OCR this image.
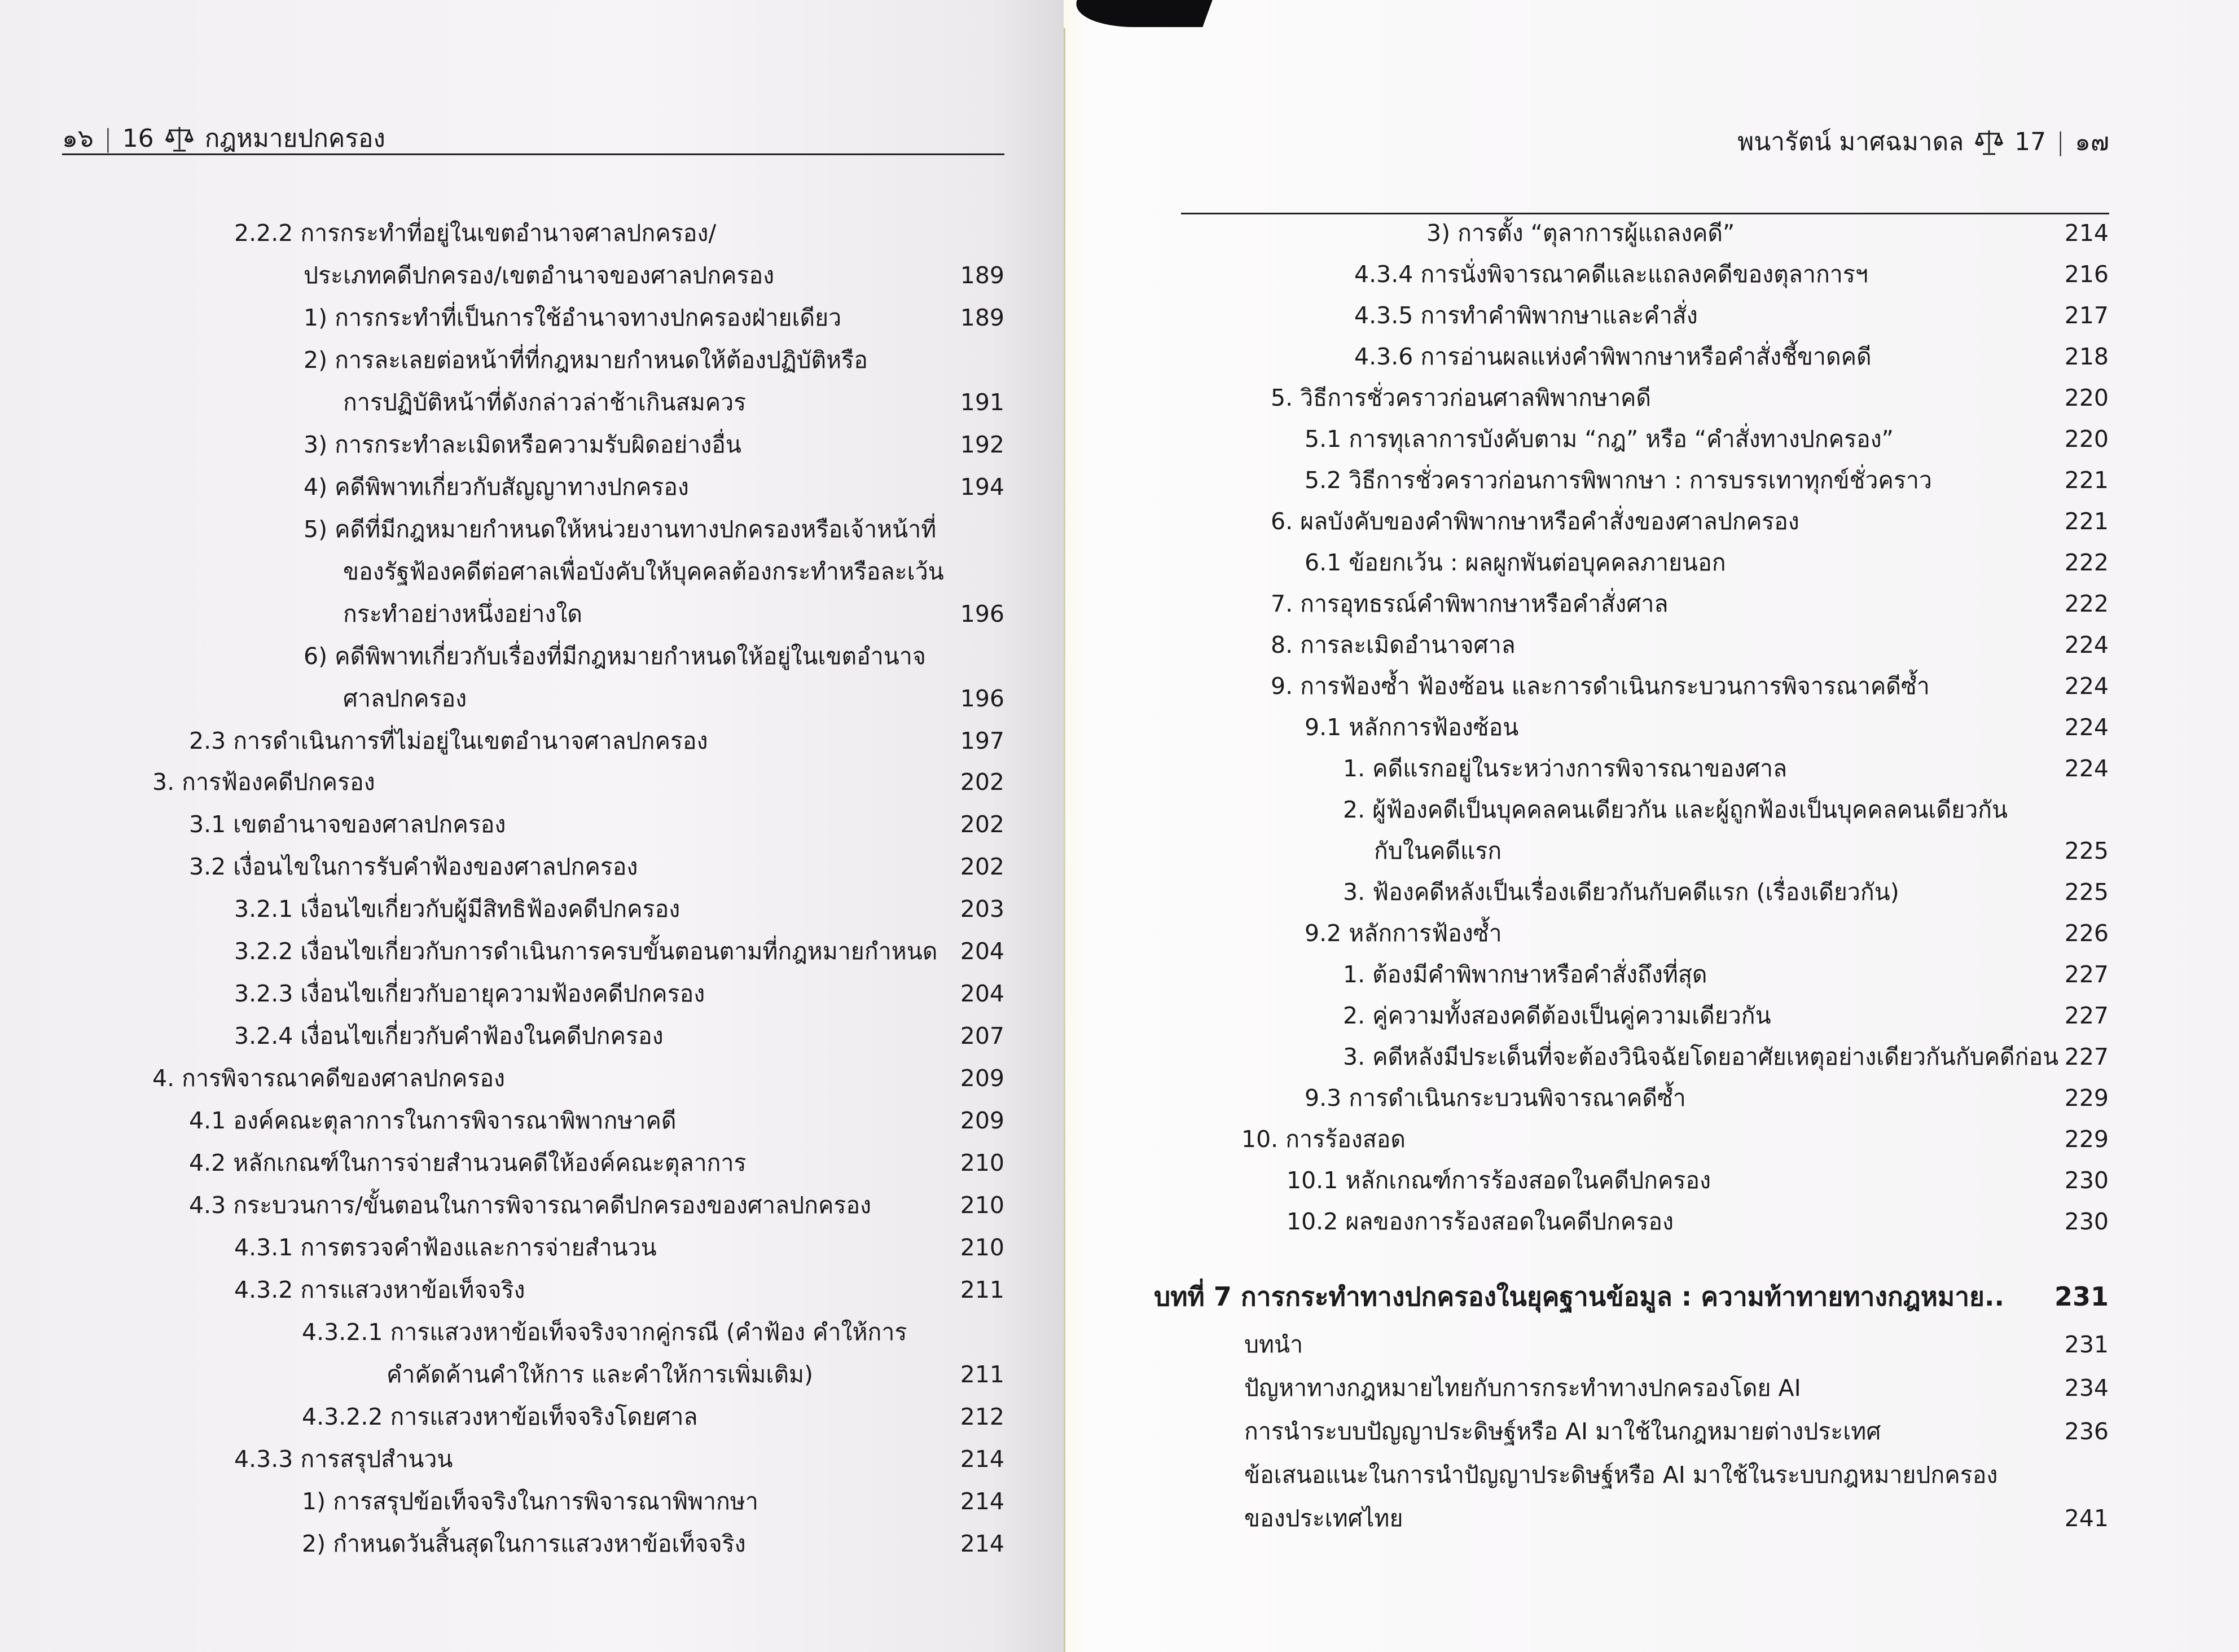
๑๖ | 16 กฎหมายปกครอง	พนารัตน์ มาศฉมาดล 17 | ๑๗
2.2.2 การกระทำที่อยู่ในเขตอำนาจศาลปกครอง/
ประเภทคดีปกครอง/เขตอำนาจของศาลปกครอง	189
1) การกระทำที่เป็นการใช้อำนาจทางปกครองฝ่ายเดียว	189
2) การละเลยต่อหน้าที่ที่กฎหมายกำหนดให้ต้องปฏิบัติหรือ
การปฏิบัติหน้าที่ดังกล่าวล่าช้าเกินสมควร	191
3) การกระทำละเมิดหรือความรับผิดอย่างอื่น	192
4) คดีพิพาทเกี่ยวกับสัญญาทางปกครอง	194
5) คดีที่มีกฎหมายกำหนดให้หน่วยงานทางปกครองหรือเจ้าหน้าที่
ของรัฐฟ้องคดีต่อศาลเพื่อบังคับให้บุคคลต้องกระทำหรือละเว้น
กระทำอย่างหนึ่งอย่างใด	196
6) คดีพิพาทเกี่ยวกับเรื่องที่มีกฎหมายกำหนดให้อยู่ในเขตอำนาจ
ศาลปกครอง	196
2.3 การดำเนินการที่ไม่อยู่ในเขตอำนาจศาลปกครอง	197
3. การฟ้องคดีปกครอง	202
3.1 เขตอำนาจของศาลปกครอง	202
3.2 เงื่อนไขในการรับคำฟ้องของศาลปกครอง	202
3.2.1 เงื่อนไขเกี่ยวกับผู้มีสิทธิฟ้องคดีปกครอง	203
3.2.2 เงื่อนไขเกี่ยวกับการดำเนินการครบขั้นตอนตามที่กฎหมายกำหนด 204
3.2.3 เงื่อนไขเกี่ยวกับอายุความฟ้องคดีปกครอง	204
3.2.4 เงื่อนไขเกี่ยวกับคำฟ้องในคดีปกครอง	207
4. การพิจารณาคดีของศาลปกครอง	209
4.1 องค์คณะตุลาการในการพิจารณาพิพากษาคดี	209
4.2 หลักเกณฑ์ในการจ่ายสำนวนคดีให้องค์คณะตุลาการ	210
4.3 กระบวนการ/ขั้นตอนในการพิจารณาคดีปกครองของศาลปกครอง	210
4.3.1 การตรวจคำฟ้องและการจ่ายสำนวน	210
4.3.2 การแสวงหาข้อเท็จจริง	211
4.3.2.1 การแสวงหาข้อเท็จจริงจากคู่กรณี (คำฟ้อง คำให้การ
คำคัดค้านคำให้การ และคำให้การเพิ่มเติม)	211
4.3.2.2 การแสวงหาข้อเท็จจริงโดยศาล	212
4.3.3 การสรุปสำนวน	214
1) การสรุปข้อเท็จจริงในการพิจารณาพิพากษา	214
2) กำหนดวันสิ้นสุดในการแสวงหาข้อเท็จจริง	214
3) การตั้ง “ตุลาการผู้แถลงคดี”	214
4.3.4 การนั่งพิจารณาคดีและแถลงคดีของตุลาการฯ	216
4.3.5 การทำคำพิพากษาและคำสั่ง	217
4.3.6 การอ่านผลแห่งคำพิพากษาหรือคำสั่งชี้ขาดคดี	218
5. วิธีการชั่วคราวก่อนศาลพิพากษาคดี	220
5.1 การทุเลาการบังคับตาม “กฎ” หรือ “คำสั่งทางปกครอง”	220
5.2 วิธีการชั่วคราวก่อนการพิพากษา : การบรรเทาทุกข์ชั่วคราว	221
6. ผลบังคับของคำพิพากษาหรือคำสั่งของศาลปกครอง	221
6.1 ข้อยกเว้น : ผลผูกพันต่อบุคคลภายนอก	222
7. การอุทธรณ์คำพิพากษาหรือคำสั่งศาล	222
8. การละเมิดอำนาจศาล	224
9. การฟ้องซ้ำ ฟ้องซ้อน และการดำเนินกระบวนการพิจารณาคดีซ้ำ	224
9.1 หลักการฟ้องซ้อน	224
1. คดีแรกอยู่ในระหว่างการพิจารณาของศาล	224
2. ผู้ฟ้องคดีเป็นบุคคลคนเดียวกัน และผู้ถูกฟ้องเป็นบุคคลคนเดียวกัน
กับในคดีแรก	225
3. ฟ้องคดีหลังเป็นเรื่องเดียวกันกับคดีแรก (เรื่องเดียวกัน)	225
9.2 หลักการฟ้องซ้ำ	226
1. ต้องมีคำพิพากษาหรือคำสั่งถึงที่สุด	227
2. คู่ความทั้งสองคดีต้องเป็นคู่ความเดียวกัน	227
3. คดีหลังมีประเด็นที่จะต้องวินิจฉัยโดยอาศัยเหตุอย่างเดียวกันกับคดีก่อน 227
9.3 การดำเนินกระบวนพิจารณาคดีซ้ำ	229
10. การร้องสอด	229
10.1 หลักเกณฑ์การร้องสอดในคดีปกครอง	230
10.2 ผลของการร้องสอดในคดีปกครอง	230
บทที่ 7 การกระทำทางปกครองในยุคฐานข้อมูล : ความท้าทายทางกฎหมาย..	231
บทนำ	231
ปัญหาทางกฎหมายไทยกับการกระทำทางปกครองโดย AI	234
การนำระบบปัญญาประดิษฐ์หรือ AI มาใช้ในกฎหมายต่างประเทศ	236
ข้อเสนอแนะในการนำปัญญาประดิษฐ์หรือ AI มาใช้ในระบบกฎหมายปกครอง
ของประเทศไทย	241
